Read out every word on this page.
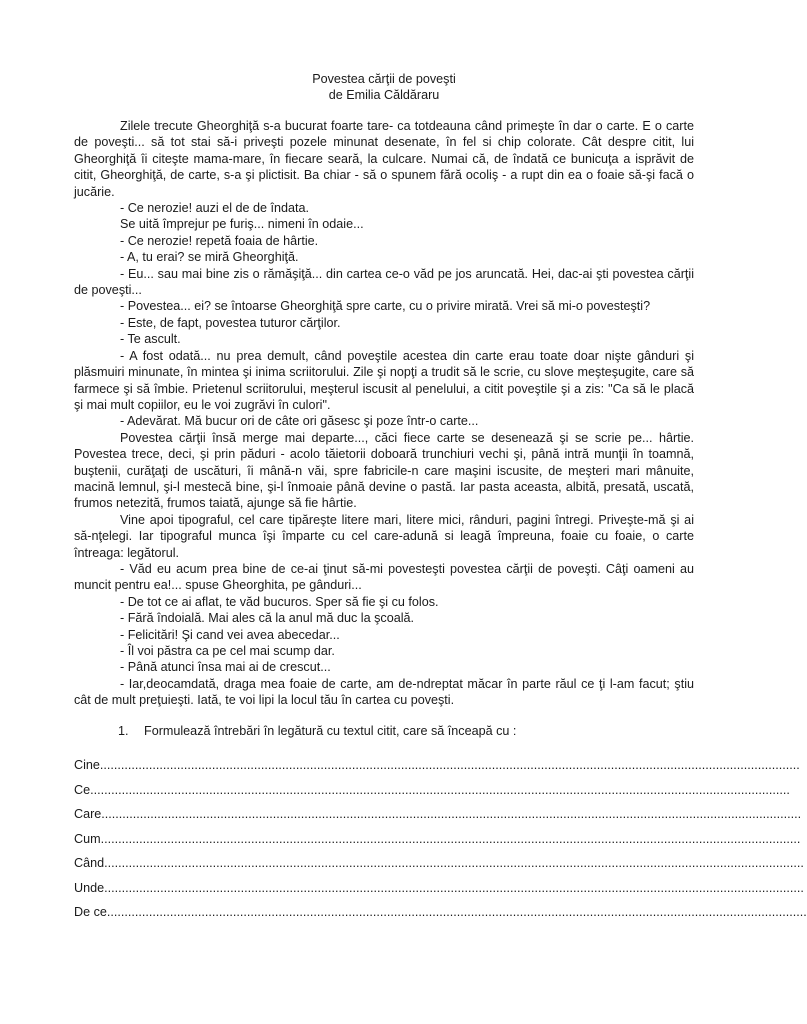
Povestea cărţii de poveşti
de Emilia Căldăraru

Zilele trecute Gheorghiţă s-a bucurat foarte tare- ca totdeauna când primeşte în dar o carte. E o carte de poveşti... să tot stai să-i priveşti pozele minunat desenate, în fel si chip colorate. Cât despre citit, lui Gheorghiţă îi citeşte mama-mare, în fiecare seară, la culcare. Numai că, de îndată ce bunicuţa a isprăvit de citit, Gheorghiţă, de carte, s-a şi plictisit. Ba chiar - să o spunem fără ocoliş - a rupt din ea o foaie să-şi facă o jucărie.

- Ce nerozie! auzi el de de îndata.

Se uită împrejur pe furiş... nimeni în odaie...

- Ce nerozie! repetă foaia de hârtie.

- A, tu erai? se miră Gheorghiţă.

- Eu... sau mai bine zis o rămăşiţă... din cartea ce-o văd pe jos aruncată. Hei, dac-ai şti povestea cărţii de poveşti...

- Povestea... ei? se întoarse Gheorghiţă spre carte, cu o privire mirată. Vrei să mi-o povesteşti?

- Este, de fapt, povestea tuturor cărţilor.

- Te ascult.

- A fost odată... nu prea demult, când poveştile acestea din carte erau toate doar nişte gânduri şi plăsmuiri minunate, în mintea şi inima scriitorului. Zile şi nopţi a trudit să le scrie, cu slove meşteşugite, care să farmece şi să îmbie. Prietenul scriitorului, meşterul iscusit al penelului, a citit poveştile şi a zis: "Ca să le placă şi mai mult copiilor, eu le voi zugrăvi în culori".

- Adevărat. Mă bucur ori de câte ori găsesc şi poze într-o carte...

Povestea cărţii însă merge mai departe..., căci fiece carte se desenează şi se scrie pe... hârtie. Povestea trece, deci, şi prin păduri - acolo tăietorii doboară trunchiuri vechi şi, până intră munţii în toamnă, buştenii, curăţaţi de uscături, îi mână-n văi, spre fabricile-n care maşini iscusite, de meşteri mari mânuite, macină lemnul, şi-l mestecă bine, şi-l înmoaie până devine o pastă. Iar pasta aceasta, albită, presată, uscată, frumos netezită, frumos taiată, ajunge să fie hârtie.

Vine apoi tipograful, cel care tipăreşte litere mari, litere mici, rânduri, pagini întregi. Priveşte-mă şi ai să-nţelegi. Iar tipograful munca îşi împarte cu cel care-adună si leagă împreuna, foaie cu foaie, o carte întreaga: legătorul.

- Văd eu acum prea bine de ce-ai ţinut să-mi povesteşti povestea cărţii de poveşti. Câţi oameni au muncit pentru ea!... spuse Gheorghita, pe gânduri...

- De tot ce ai aflat, te văd bucuros. Sper să fie şi cu folos.

- Fără îndoială. Mai ales că la anul mă duc la şcoală.

- Felicitări! Şi cand vei avea abecedar...

- Îl voi păstra ca pe cel mai scump dar.

- Până atunci însa mai ai de crescut...

- Iar,deocamdată, draga mea foaie de carte, am de-ndreptat măcar în parte răul ce ţi l-am facut; ştiu cât de mult preţuieşti. Iată, te voi lipi la locul tău în cartea cu poveşti.

1. Formulează întrebări în legătură cu textul citit, care să înceapă cu :
Cine........................................................................................................................................................................................................
Ce........................................................................................................................................................................................................
Care........................................................................................................................................................................................................
Cum........................................................................................................................................................................................................
Când........................................................................................................................................................................................................
Unde........................................................................................................................................................................................................
De ce........................................................................................................................................................................................................
